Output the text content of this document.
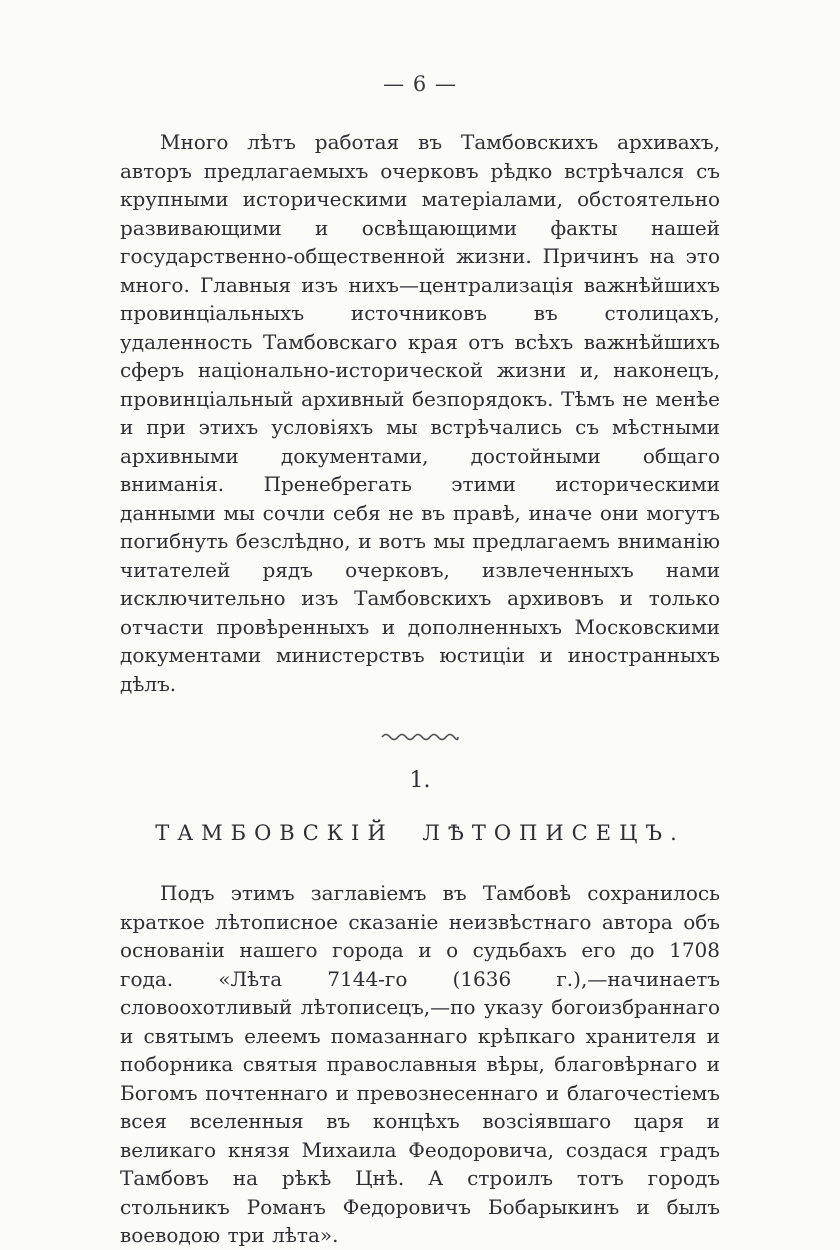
— 6 —

Много лѣтъ работая въ Тамбовскихъ архивахъ, авторъ предлагаемыхъ очерковъ рѣдко встрѣчался съ крупными историческими матеріалами, обстоятельно развивающими и освѣщающими факты нашей государственно-общественной жизни. Причинъ на это много. Главныя изъ нихъ—централизація важнѣйшихъ провинціальныхъ источниковъ въ столицахъ, удаленность Тамбовскаго края отъ всѣхъ важнѣйшихъ сферъ національно-исторической жизни и, наконецъ, провинціальный архивный безпорядокъ. Тѣмъ не менѣе и при этихъ условіяхъ мы встрѣчались съ мѣстными архивными документами, достойными общаго вниманія. Пренебрегать этими историческими данными мы сочли себя не въ правѣ, иначе они могутъ погибнуть безслѣдно, и вотъ мы предлагаемъ вниманію читателей рядъ очерковъ, извлеченныхъ нами исключительно изъ Тамбовскихъ архивовъ и только отчасти провѣренныхъ и дополненныхъ Московскими документами министерствъ юстиціи и иностранныхъ дѣлъ.

1.
ТАМБОВСКІЙ ЛѢТОПИСЕЦЪ.

Подъ этимъ заглавіемъ въ Тамбовѣ сохранилось краткое лѣтописное сказаніе неизвѣстнаго автора объ основаніи нашего города и о судьбахъ его до 1708 года. «Лѣта 7144-го (1636 г.),—начинаетъ словоохотливый лѣтописецъ,—по указу богоизбраннаго и святымъ елеемъ помазаннаго крѣпкаго хранителя и поборника святыя православныя вѣры, благовѣрнаго и Богомъ почтеннаго и превознесеннаго и благочестіемъ всея вселенныя въ концѣхъ возсіявшаго царя и великаго князя Михаила Феодоровича, создася градъ Тамбовъ на рѣкѣ Цнѣ. А строилъ тотъ городъ стольникъ Романъ Федоровичъ Бобарыкинъ и былъ воеводою три лѣта».
